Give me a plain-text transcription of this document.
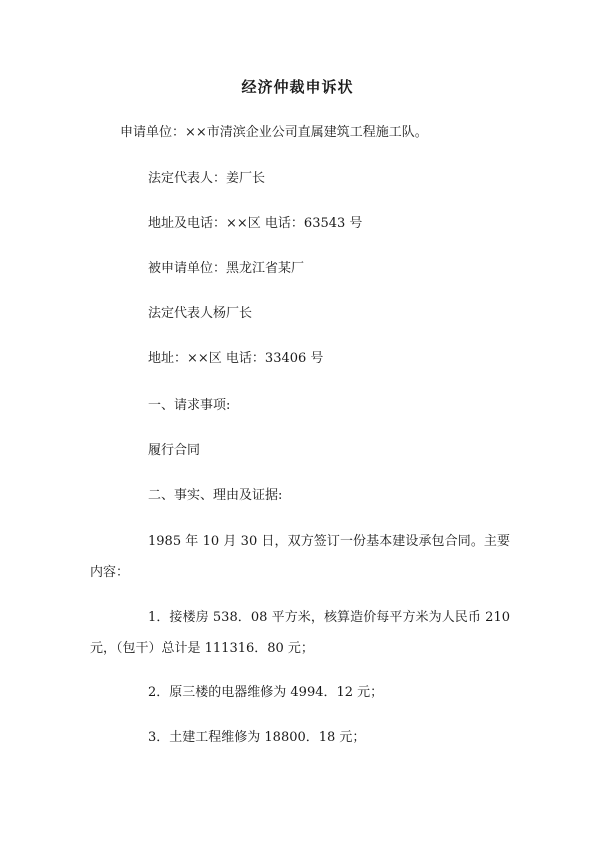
经济仲裁申诉状
申请单位：××市清滨企业公司直属建筑工程施工队。
法定代表人：姜厂长
地址及电话：××区 电话：63543 号
被申请单位：黑龙江省某厂
法定代表人杨厂长
地址：××区 电话：33406 号
一、请求事项:
履行合同
二、事实、理由及证据:
1985 年 10 月 30 日，双方签订一份基本建设承包合同。主要内容：
1．接楼房 538．08 平方米，核算造价每平方米为人民币 210 元，（包干）总计是 111316．80 元；
2．原三楼的电器维修为 4994．12 元；
3．土建工程维修为 18800．18 元；
